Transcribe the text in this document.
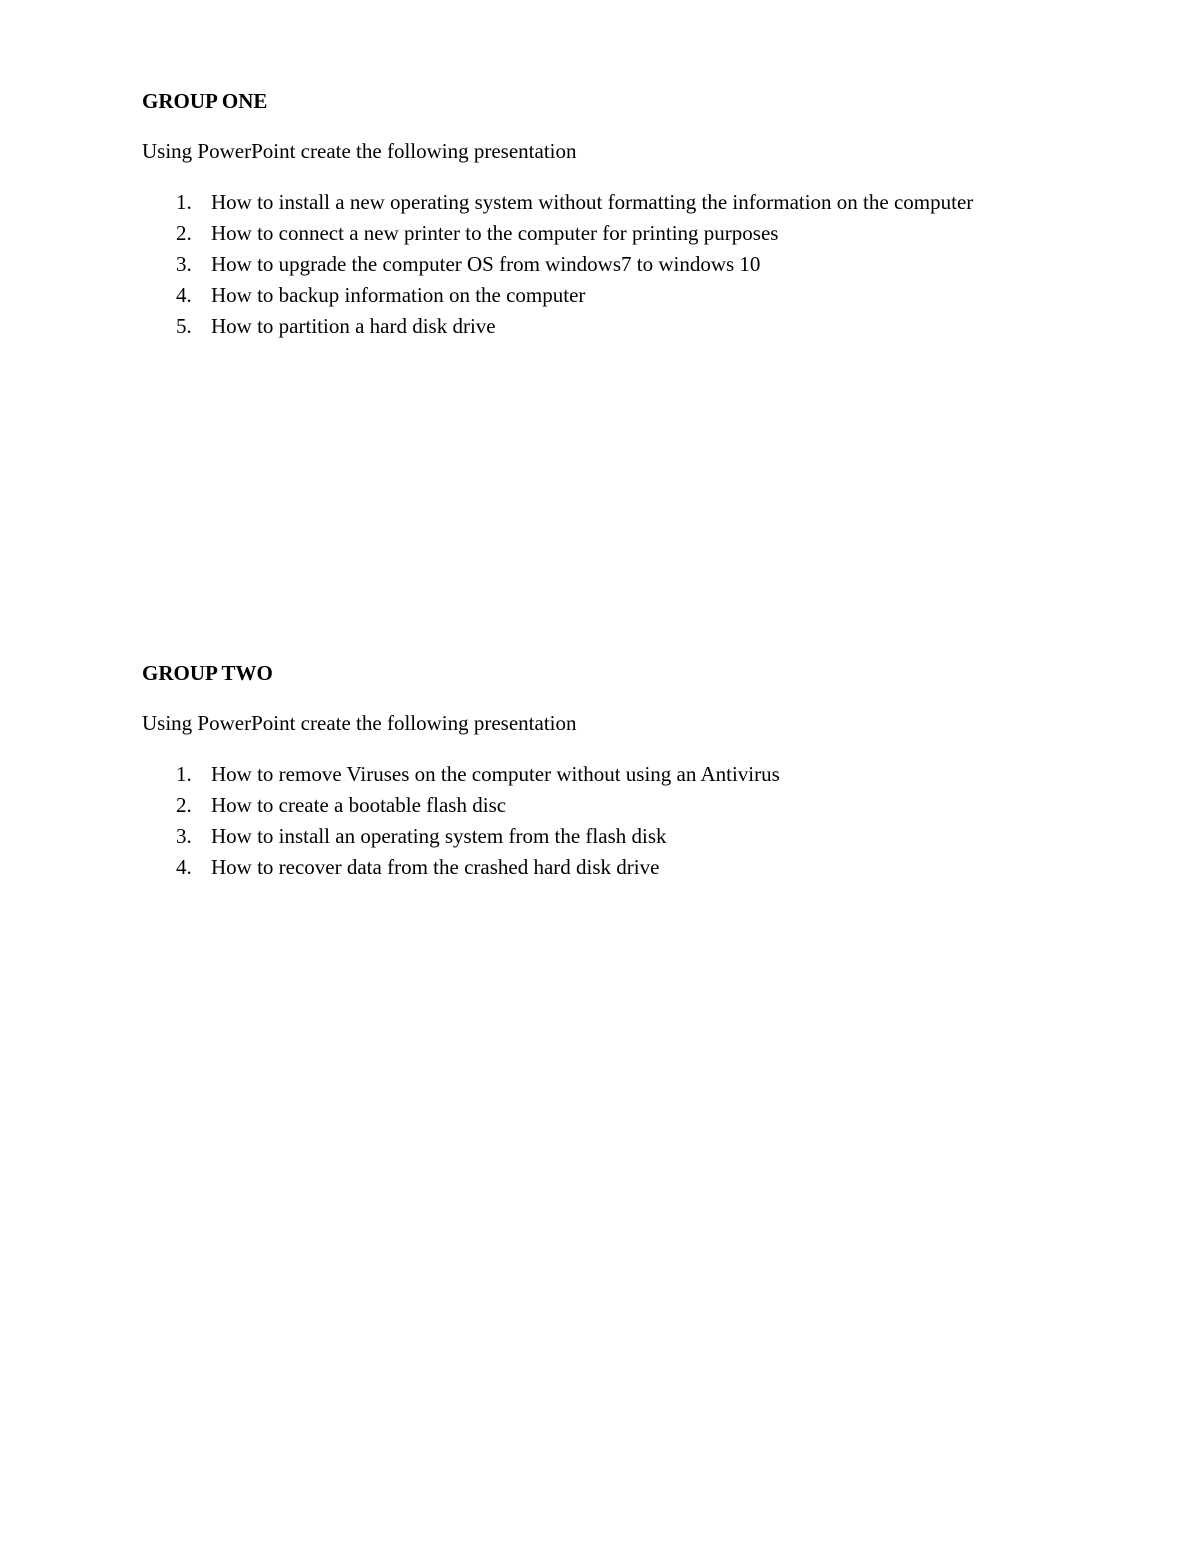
GROUP ONE

Using PowerPoint create the following presentation

1. How to install a new operating system without formatting the information on the computer
2. How to connect a new printer to the computer for printing purposes
3. How to upgrade the computer OS from windows7 to windows 10
4. How to backup information on the computer
5. How to partition a hard disk drive

GROUP TWO

Using PowerPoint create the following presentation

1. How to remove Viruses on the computer without using an Antivirus
2. How to create a bootable flash disc
3. How to install an operating system from the flash disk
4. How to recover data from the crashed hard disk drive
